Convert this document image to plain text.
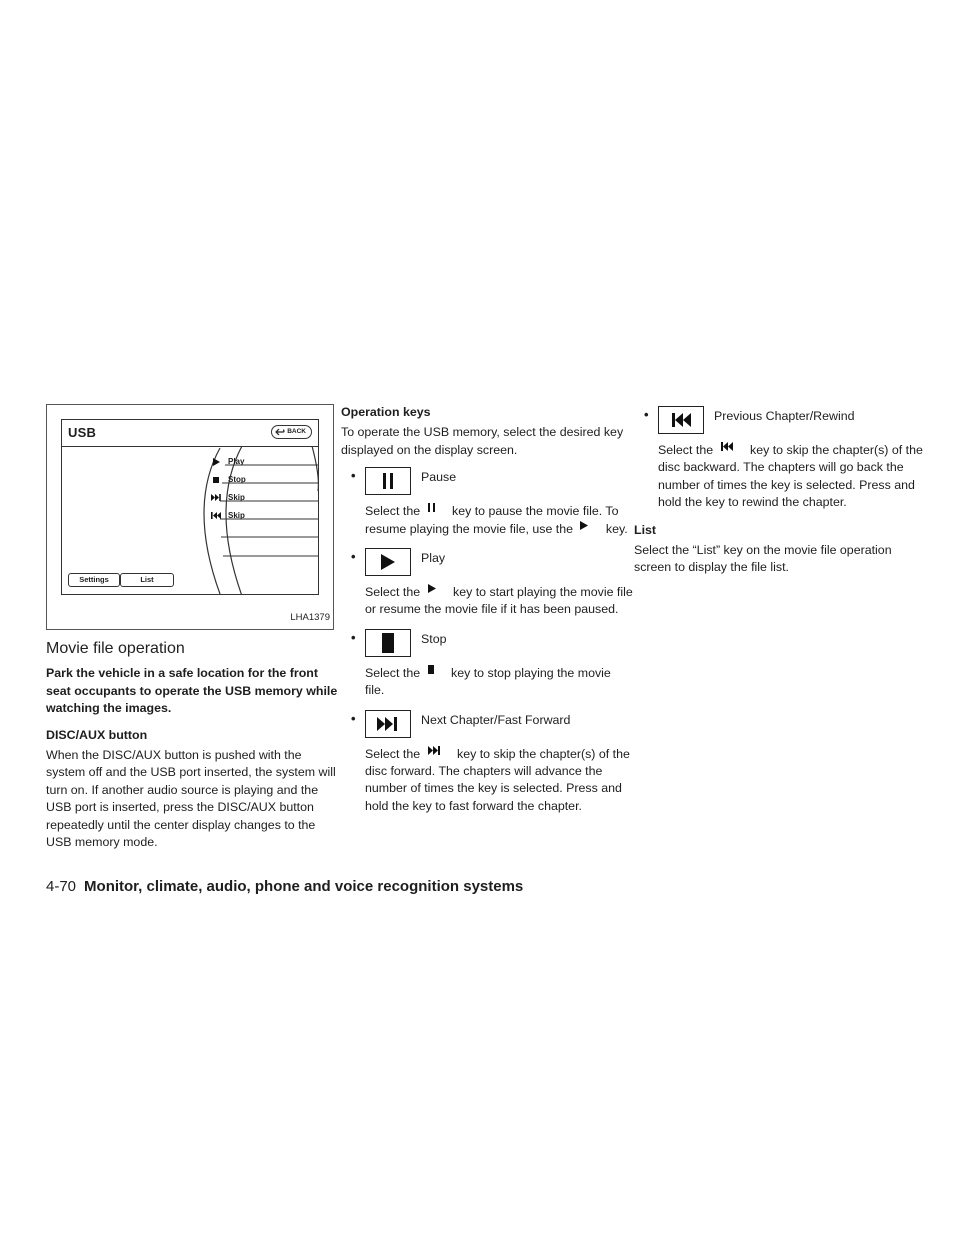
USB	BACK
Play
Stop
Skip
Skip
Settings	List
LHA1379
Movie file operation

Park the vehicle in a safe location for the front seat occupants to operate the USB memory while watching the images.

DISC/AUX button

When the DISC/AUX button is pushed with the system off and the USB port inserted, the system will turn on. If another audio source is playing and the USB port is inserted, press the DISC/AUX button repeatedly until the center display changes to the USB memory mode.

Operation keys

To operate the USB memory, select the desired key displayed on the display screen.

•	Pause
Select the	key to pause the movie file. To resume playing the movie file, use the	key.
•	Play
Select the	key to start playing the movie file or resume the movie file if it has been paused.
•	Stop
Select the key to stop playing the movie file.
•	Next Chapter/Fast Forward
Select the	key to skip the chapter(s) of the disc forward. The chapters will advance the number of times the key is selected. Press and hold the key to fast forward the chapter.
•	Previous Chapter/Rewind
Select the	key to skip the chapter(s) of the disc backward. The chapters will go back the number of times the key is selected. Press and hold the key to rewind the chapter.
List

Select the “List” key on the movie file operation screen to display the file list.

4-70 Monitor, climate, audio, phone and voice recognition systems
